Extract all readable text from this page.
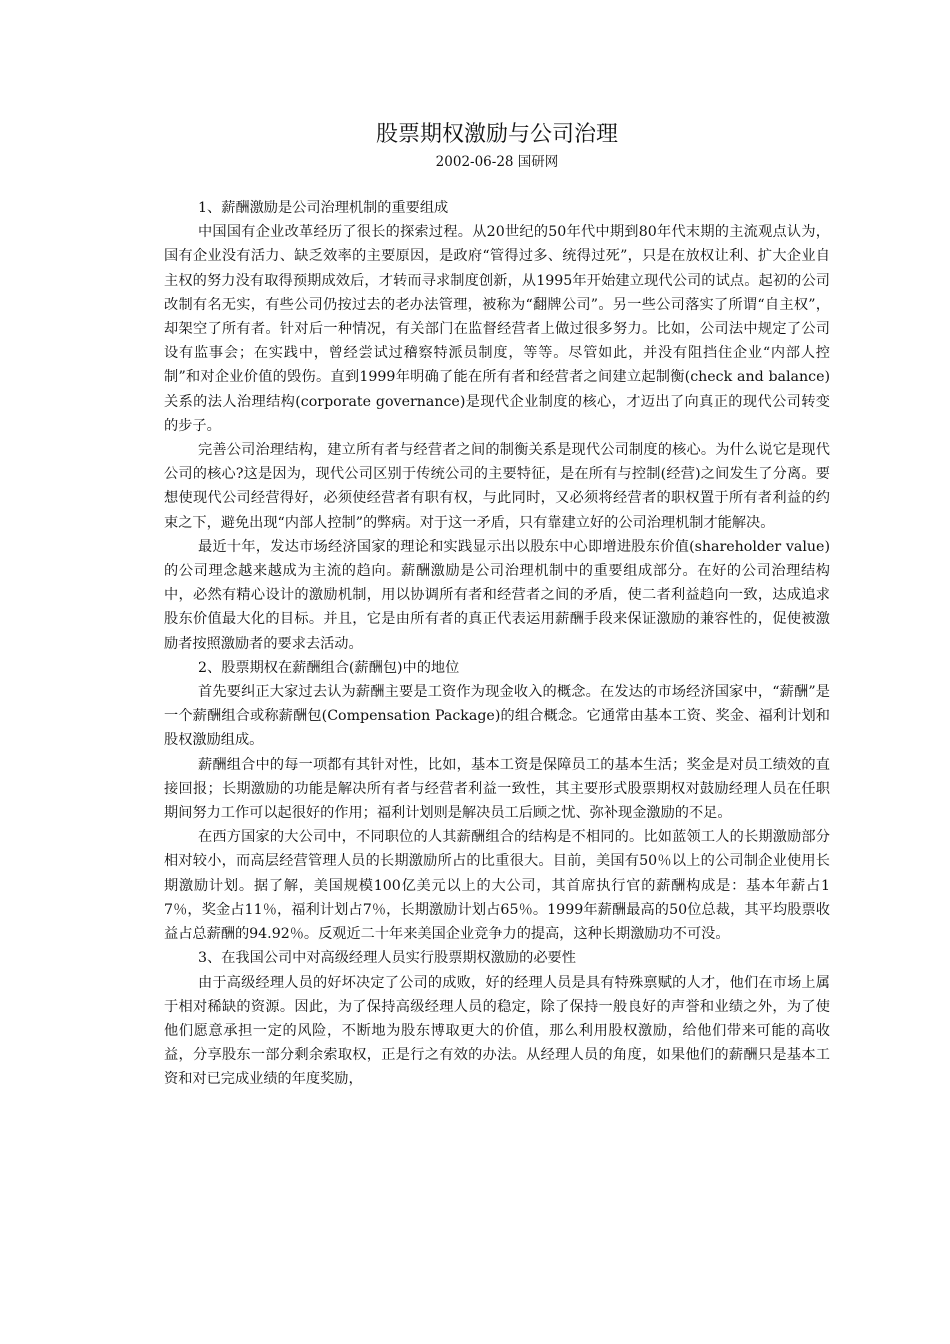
股票期权激励与公司治理

2002-06-28 国研网

1、薪酬激励是公司治理机制的重要组成

中国国有企业改革经历了很长的探索过程。从20世纪的50年代中期到80年代末期的主流观点认为，国有企业没有活力、缺乏效率的主要原因，是政府“管得过多、统得过死”，只是在放权让利、扩大企业自主权的努力没有取得预期成效后，才转而寻求制度创新，从1995年开始建立现代公司的试点。起初的公司改制有名无实，有些公司仍按过去的老办法管理，被称为“翻牌公司”。另一些公司落实了所谓“自主权”，却架空了所有者。针对后一种情况，有关部门在监督经营者上做过很多努力。比如，公司法中规定了公司设有监事会；在实践中，曾经尝试过稽察特派员制度，等等。尽管如此，并没有阻挡住企业“内部人控制”和对企业价值的毁伤。直到1999年明确了能在所有者和经营者之间建立起制衡(check and balance)关系的法人治理结构(corporate governance)是现代企业制度的核心，才迈出了向真正的现代公司转变的步子。

完善公司治理结构，建立所有者与经营者之间的制衡关系是现代公司制度的核心。为什么说它是现代公司的核心?这是因为，现代公司区别于传统公司的主要特征，是在所有与控制(经营)之间发生了分离。要想使现代公司经营得好，必须使经营者有职有权，与此同时，又必须将经营者的职权置于所有者利益的约束之下，避免出现“内部人控制”的弊病。对于这一矛盾，只有靠建立好的公司治理机制才能解决。

最近十年，发达市场经济国家的理论和实践显示出以股东中心即增进股东价值(shareholder value)的公司理念越来越成为主流的趋向。薪酬激励是公司治理机制中的重要组成部分。在好的公司治理结构中，必然有精心设计的激励机制，用以协调所有者和经营者之间的矛盾，使二者利益趋向一致，达成追求股东价值最大化的目标。并且，它是由所有者的真正代表运用薪酬手段来保证激励的兼容性的，促使被激励者按照激励者的要求去活动。

2、股票期权在薪酬组合(薪酬包)中的地位

首先要纠正大家过去认为薪酬主要是工资作为现金收入的概念。在发达的市场经济国家中，“薪酬”是一个薪酬组合或称薪酬包(Compensation Package)的组合概念。它通常由基本工资、奖金、福利计划和股权激励组成。

薪酬组合中的每一项都有其针对性，比如，基本工资是保障员工的基本生活；奖金是对员工绩效的直接回报；长期激励的功能是解决所有者与经营者利益一致性，其主要形式股票期权对鼓励经理人员在任职期间努力工作可以起很好的作用；福利计划则是解决员工后顾之忧、弥补现金激励的不足。

在西方国家的大公司中，不同职位的人其薪酬组合的结构是不相同的。比如蓝领工人的长期激励部分相对较小，而高层经营管理人员的长期激励所占的比重很大。目前，美国有50％以上的公司制企业使用长期激励计划。据了解，美国规模100亿美元以上的大公司，其首席执行官的薪酬构成是：基本年薪占17％，奖金占11％，福利计划占7％，长期激励计划占65％。1999年薪酬最高的50位总裁，其平均股票收益占总薪酬的94.92％。反观近二十年来美国企业竞争力的提高，这种长期激励功不可没。

3、在我国公司中对高级经理人员实行股票期权激励的必要性

由于高级经理人员的好坏决定了公司的成败，好的经理人员是具有特殊禀赋的人才，他们在市场上属于相对稀缺的资源。因此，为了保持高级经理人员的稳定，除了保持一般良好的声誉和业绩之外，为了使他们愿意承担一定的风险，不断地为股东博取更大的价值，那么利用股权激励，给他们带来可能的高收益，分享股东一部分剩余索取权，正是行之有效的办法。从经理人员的角度，如果他们的薪酬只是基本工资和对已完成业绩的年度奖励，
